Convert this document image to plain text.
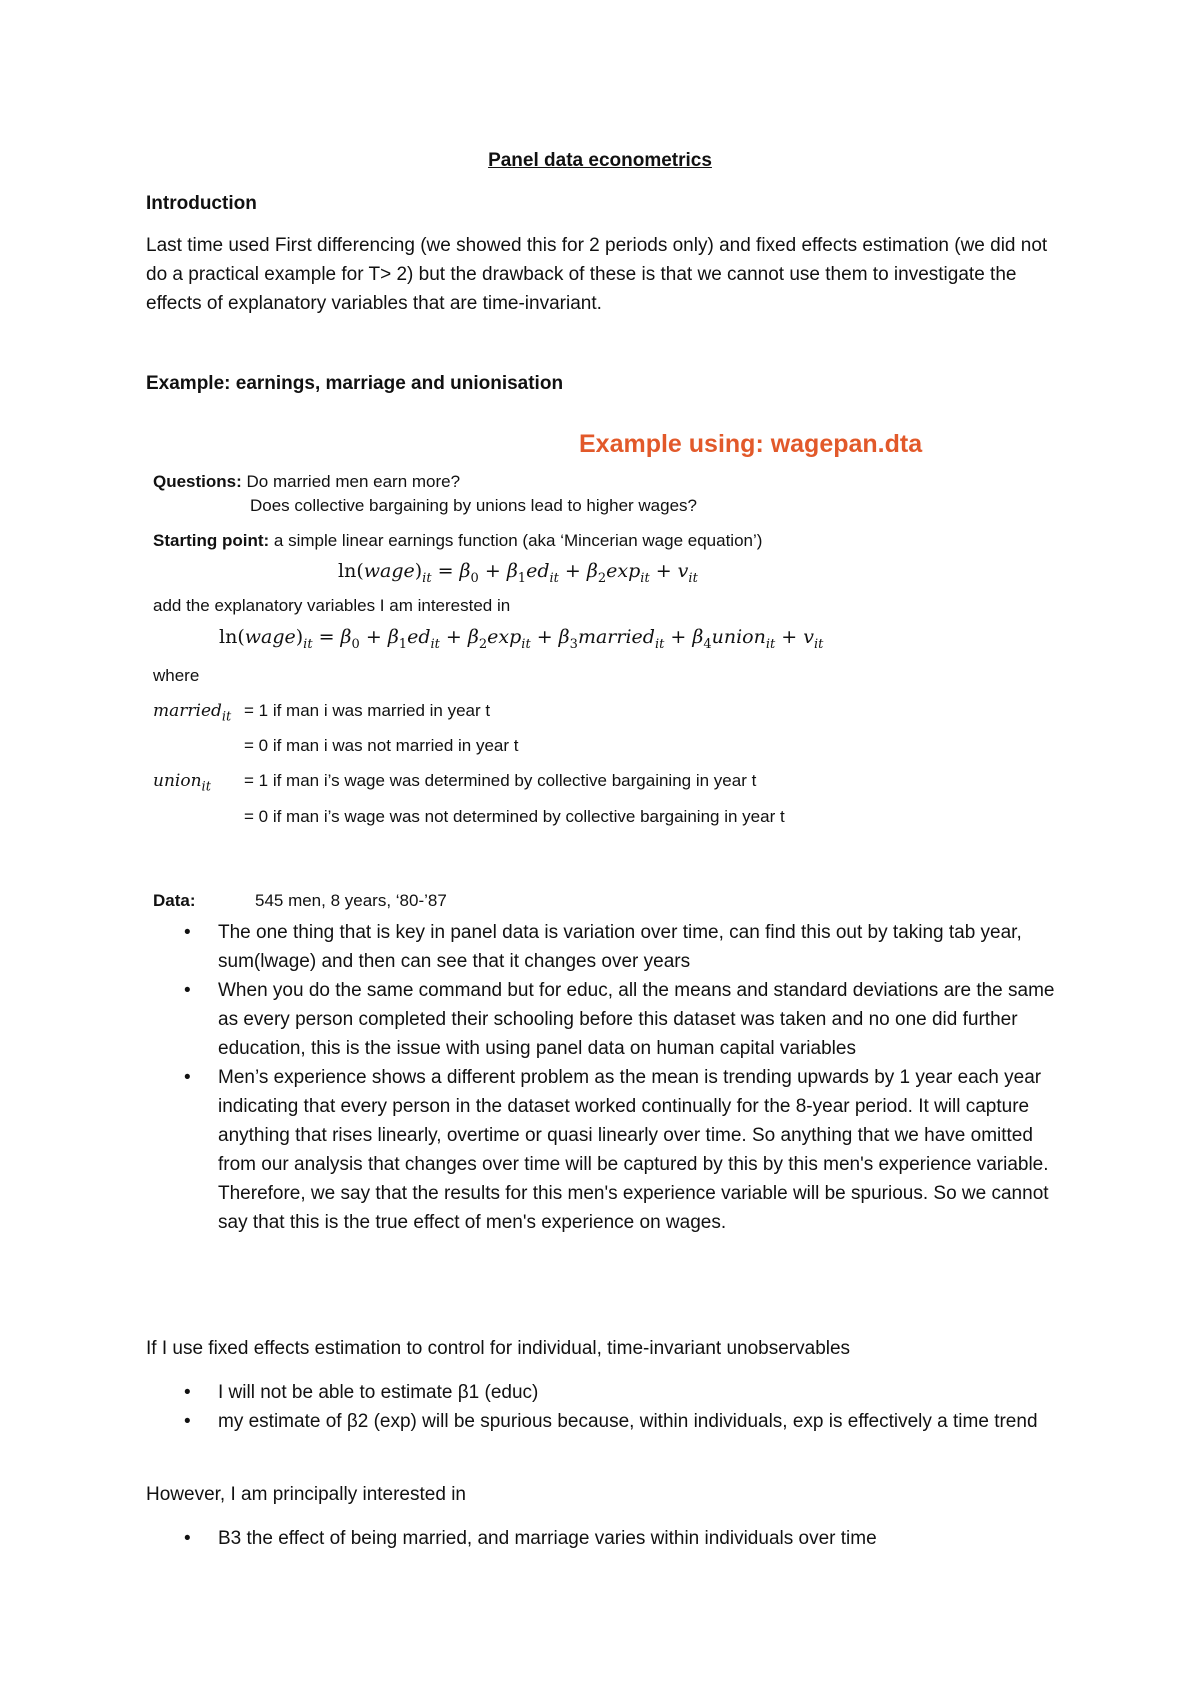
Panel data econometrics
Introduction

Last time used First differencing (we showed this for 2 periods only) and fixed effects estimation (we did not do a practical example for T> 2) but the drawback of these is that we cannot use them to investigate the effects of explanatory variables that are time-invariant.

Example: earnings, marriage and unionisation
Example using: wagepan.dta
Questions: Do married men earn more?
Does collective bargaining by unions lead to higher wages?
Starting point: a simple linear earnings function (aka ‘Mincerian wage equation’)
$\ln(wage)_{it} = \beta_0 + \beta_1ed_{it} + \beta_2\exp_{it} + v_{it}$
add the explanatory variables I am interested in
$\ln(wage)_{it} = \beta_0 + \beta_1ed_{it} + \beta_2\exp_{it}$ + $\beta_3married_{it}$ + $\beta_4union_{it} + v_{it}$
where
married$_{it}$ = 1 if man i was married in year t
= 0 if man i was not married in year t
union$_{it}$ = 1 if man i’s wage was determined by collective bargaining in year t
= 0 if man i’s wage was not determined by collective bargaining in year t
Data:	545 men, 8 years, ‘80-’87
• The one thing that is key in panel data is variation over time, can find this out by taking tab year, sum(lwage) and then can see that it changes over years
• When you do the same command but for educ, all the means and standard deviations are the same as every person completed their schooling before this dataset was taken and no one did further education, this is the issue with using panel data on human capital variables
• Men’s experience shows a different problem as the mean is trending upwards by 1 year each year indicating that every person in the dataset worked continually for the 8-year period. It will capture anything that rises linearly, overtime or quasi linearly over time. So anything that we have omitted from our analysis that changes over time will be captured by this by this men's experience variable. Therefore, we say that the results for this men's experience variable will be spurious. So we cannot say that this is the true effect of men's experience on wages.
If I use fixed effects estimation to control for individual, time-invariant unobservables
• I will not be able to estimate β1 (educ)
• my estimate of β2 (exp) will be spurious because, within individuals, exp is effectively a time trend
However, I am principally interested in
• B3 the effect of being married, and marriage varies within individuals over time
